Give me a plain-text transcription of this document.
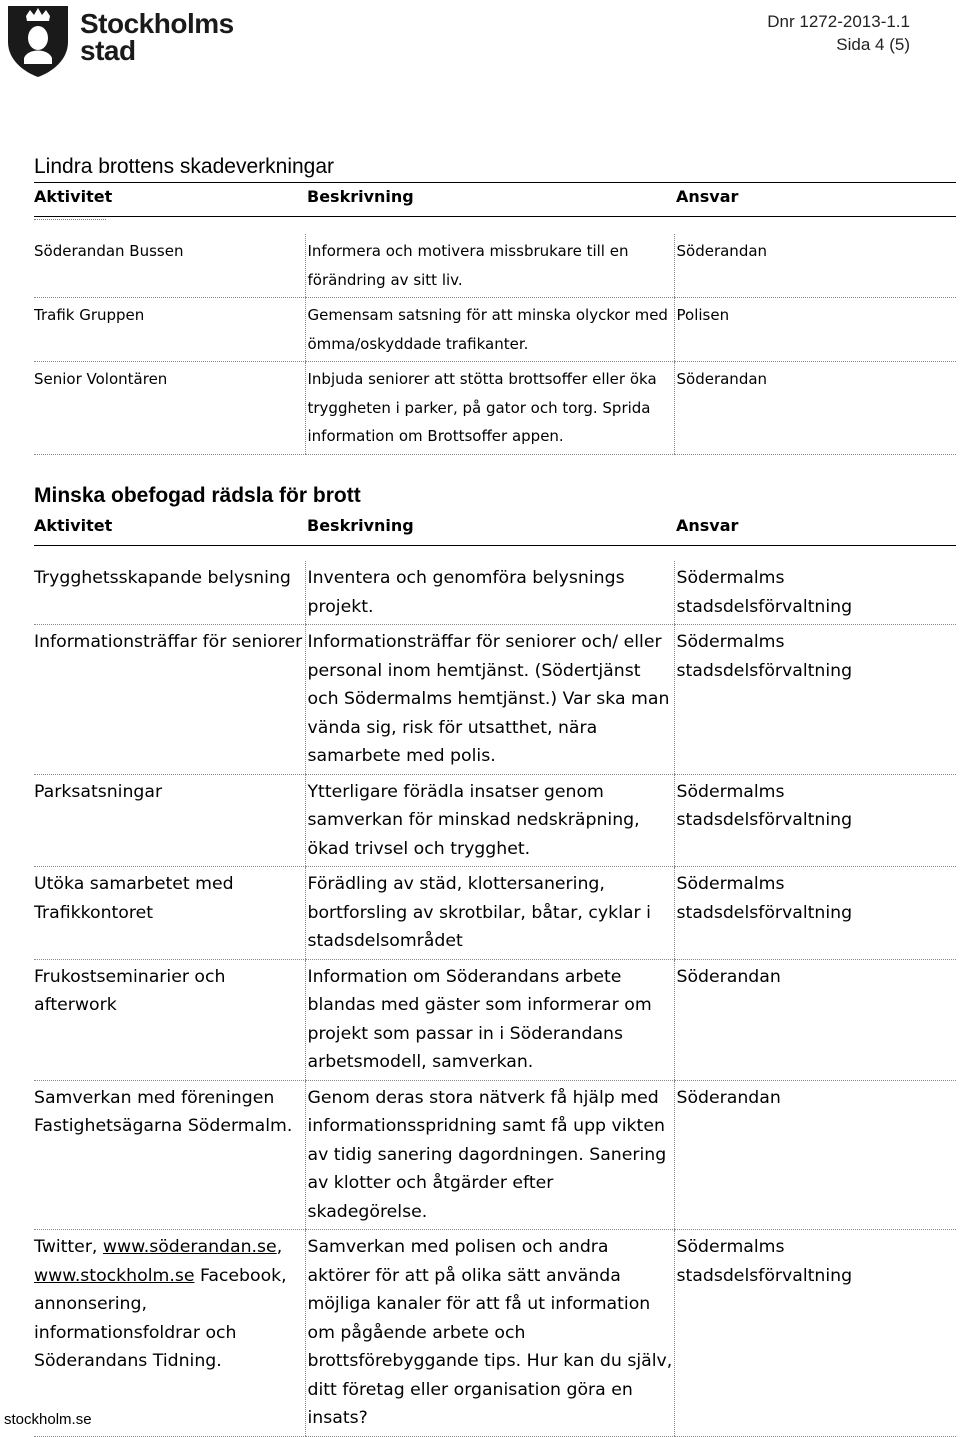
Stockholms
stad
Dnr 1272-2013-1.1
Sida 4 (5)
Lindra brottens skadeverkningar
Aktivitet	Beskrivning	Ansvar
Söderandan Bussen	Informera och motivera missbrukare till en förändring av sitt liv.	Söderandan
Trafik Gruppen	Gemensam satsning för att minska olyckor med ömma/oskyddade trafikanter.	Polisen
Senior Volontären	Inbjuda seniorer att stötta brottsoffer eller öka tryggheten i parker, på gator och torg. Sprida information om Brottsoffer appen.	Söderandan
Minska obefogad rädsla för brott
Aktivitet	Beskrivning	Ansvar
Trygghetsskapande belysning	Inventera och genomföra belysnings projekt.	Södermalms stadsdelsförvaltning
Informationsträffar för seniorer	Informationsträffar för seniorer och/ eller personal inom hemtjänst. (Södertjänst och Södermalms hemtjänst.) Var ska man vända sig, risk för utsatthet, nära samarbete med polis.	Södermalms stadsdelsförvaltning
Parksatsningar	Ytterligare förädla insatser genom samverkan för minskad nedskräpning, ökad trivsel och trygghet.	Södermalms stadsdelsförvaltning
Utöka samarbetet med Trafikkontoret	Förädling av städ, klottersanering, bortforsling av skrotbilar, båtar, cyklar i stadsdelsområdet	Södermalms stadsdelsförvaltning
Frukostseminarier och afterwork	Information om Söderandans arbete blandas med gäster som informerar om projekt som passar in i Söderandans arbetsmodell, samverkan.	Söderandan
Samverkan med föreningen Fastighetsägarna Södermalm.	Genom deras stora nätverk få hjälp med informationsspridning samt få upp vikten av tidig sanering dagordningen. Sanering av klotter och åtgärder efter skadegörelse.	Söderandan
Twitter, www.söderandan.se, www.stockholm.se Facebook, annonsering, informationsfoldrar och Söderandans Tidning.	Samverkan med polisen och andra aktörer för att på olika sätt använda möjliga kanaler för att få ut information om pågående arbete och brottsförebyggande tips. Hur kan du själv, ditt företag eller organisation göra en insats?	Södermalms stadsdelsförvaltning
stockholm.se
